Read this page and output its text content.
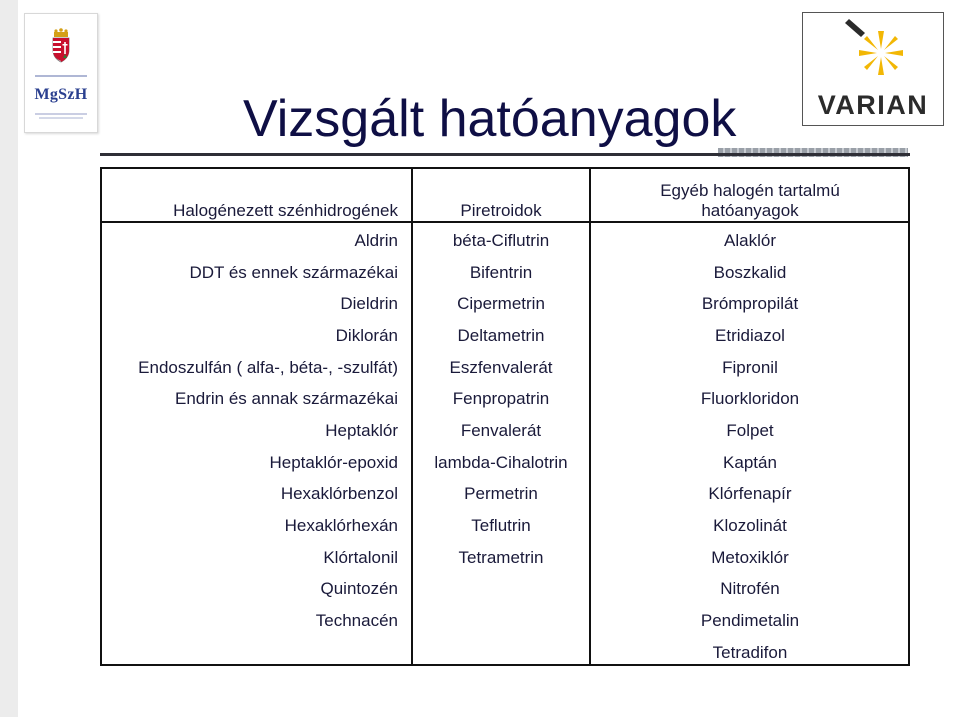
MgSzH	VARIAN
Vizsgált hatóanyagok
Halogénezett szénhidrogének	Piretroidok	Egyéb halogén tartalmú
hatóanyagok

Aldrin	béta-Ciflutrin	Alaklór
DDT és ennek származékai	Bifentrin	Boszkalid
Dieldrin	Cipermetrin	Brómpropilát
Diklorán	Deltametrin	Etridiazol
Endoszulfán ( alfa-, béta-, -szulfát)	Eszfenvalerát	Fipronil
Endrin és annak származékai	Fenpropatrin	Fluorkloridon
Heptaklór	Fenvalerát	Folpet
Heptaklór-epoxid	lambda-Cihalotrin	Kaptán
Hexaklórbenzol	Permetrin	Klórfenapír
Hexaklórhexán	Teflutrin	Klozolinát
Klórtalonil	Tetrametrin	Metoxiklór
Quintozén		Nitrofén
Technacén		Pendimetalin
		Tetradifon
